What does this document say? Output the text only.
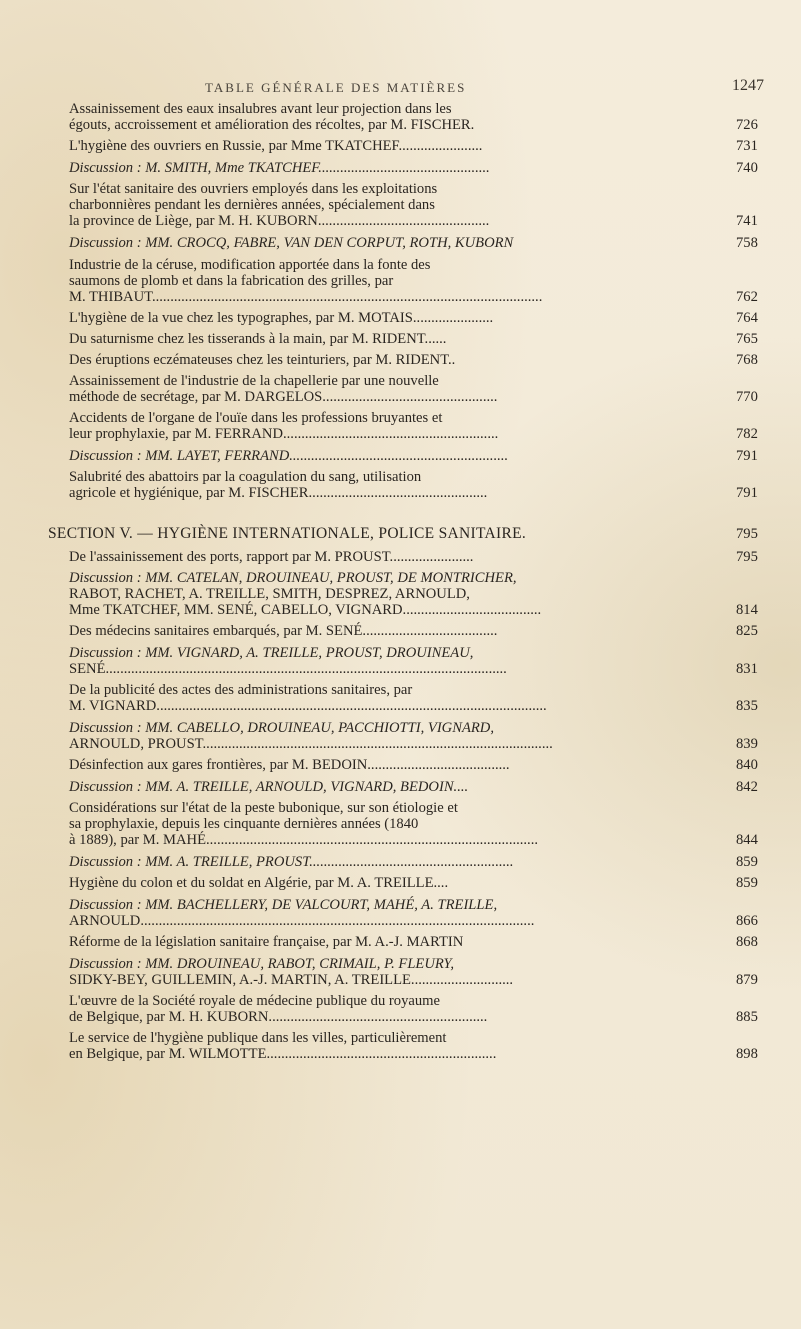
TABLE GÉNÉRALE DES MATIÈRES	1247
Assainissement des eaux insalubres avant leur projection dans les
égouts, accroissement et amélioration des récoltes, par M. FISCHER.	726
L'hygiène des ouvriers en Russie, par Mme TKATCHEF.......................	731
Discussion : M. SMITH, Mme TKATCHEF...............................................	740
Sur l'état sanitaire des ouvriers employés dans les exploitations
charbonnières pendant les dernières années, spécialement dans
la province de Liège, par M. H. KUBORN...............................................	741
Discussion : MM. CROCQ, FABRE, VAN DEN CORPUT, ROTH, KUBORN	758
Industrie de la céruse, modification apportée dans la fonte des
saumons de plomb et dans la fabrication des grilles, par
M. THIBAUT...........................................................................................................	762
L'hygiène de la vue chez les typographes, par M. MOTAIS......................	764
Du saturnisme chez les tisserands à la main, par M. RIDENT......	765
Des éruptions eczémateuses chez les teinturiers, par M. RIDENT..	768
Assainissement de l'industrie de la chapellerie par une nouvelle
méthode de secrétage, par M. DARGELOS................................................	770
Accidents de l'organe de l'ouïe dans les professions bruyantes et
leur prophylaxie, par M. FERRAND...........................................................	782
Discussion : MM. LAYET, FERRAND............................................................	791
Salubrité des abattoirs par la coagulation du sang, utilisation
agricole et hygiénique, par M. FISCHER.................................................	791
SECTION V. — HYGIÈNE INTERNATIONALE, POLICE SANITAIRE.	795
De l'assainissement des ports, rapport par M. PROUST.......................	795
Discussion : MM. CATELAN, DROUINEAU, PROUST, DE MONTRICHER,
RABOT, RACHET, A. TREILLE, SMITH, DESPREZ, ARNOULD,
Mme TKATCHEF, MM. SENÉ, CABELLO, VIGNARD......................................	814
Des médecins sanitaires embarqués, par M. SENÉ.....................................	825
Discussion : MM. VIGNARD, A. TREILLE, PROUST, DROUINEAU,
SENÉ..............................................................................................................	831
De la publicité des actes des administrations sanitaires, par
M. VIGNARD...........................................................................................................	835
Discussion : MM. CABELLO, DROUINEAU, PACCHIOTTI, VIGNARD,
ARNOULD, PROUST................................................................................................	839
Désinfection aux gares frontières, par M. BEDOIN.......................................	840
Discussion : MM. A. TREILLE, ARNOULD, VIGNARD, BEDOIN....	842
Considérations sur l'état de la peste bubonique, sur son étiologie et
sa prophylaxie, depuis les cinquante dernières années (1840
à 1889), par M. MAHÉ...........................................................................................	844
Discussion : MM. A. TREILLE, PROUST........................................................	859
Hygiène du colon et du soldat en Algérie, par M. A. TREILLE....	859
Discussion : MM. BACHELLERY, DE VALCOURT, MAHÉ, A. TREILLE,
ARNOULD............................................................................................................	866
Réforme de la législation sanitaire française, par M. A.-J. MARTIN	868
Discussion : MM. DROUINEAU, RABOT, CRIMAIL, P. FLEURY,
SIDKY-BEY, GUILLEMIN, A.-J. MARTIN, A. TREILLE............................	879
L'œuvre de la Société royale de médecine publique du royaume
de Belgique, par M. H. KUBORN............................................................	885
Le service de l'hygiène publique dans les villes, particulièrement
en Belgique, par M. WILMOTTE...............................................................	898
